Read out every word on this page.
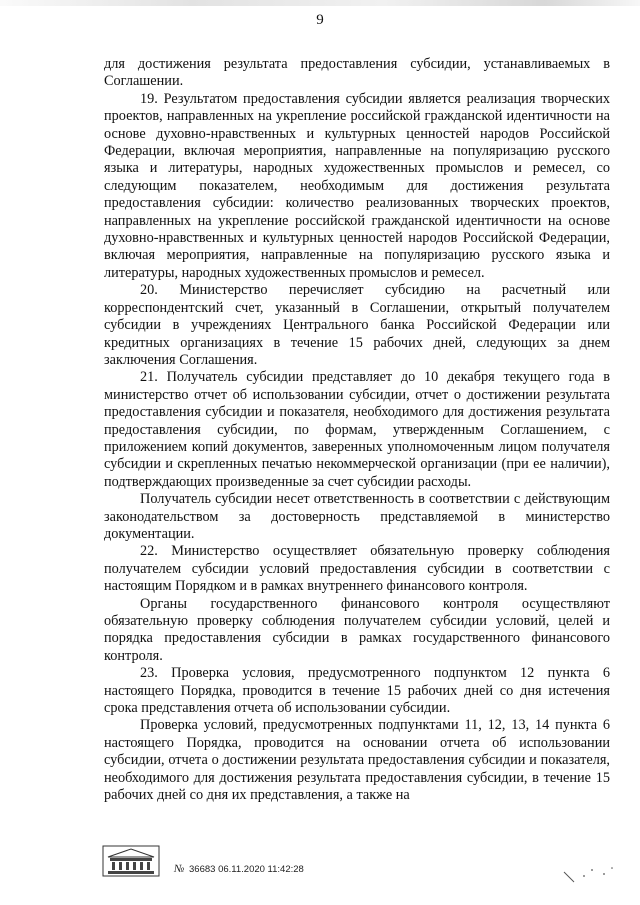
9

для достижения результата предоставления субсидии, устанавливаемых в Соглашении.

19. Результатом предоставления субсидии является реализация творческих проектов, направленных на укрепление российской гражданской идентичности на основе духовно-нравственных и культурных ценностей народов Российской Федерации, включая мероприятия, направленные на популяризацию русского языка и литературы, народных художественных промыслов и ремесел, со следующим показателем, необходимым для достижения результата предоставления субсидии: количество реализованных творческих проектов, направленных на укрепление российской гражданской идентичности на основе духовно-нравственных и культурных ценностей народов Российской Федерации, включая мероприятия, направленные на популяризацию русского языка и литературы, народных художественных промыслов и ремесел.

20. Министерство перечисляет субсидию на расчетный или корреспондентский счет, указанный в Соглашении, открытый получателем субсидии в учреждениях Центрального банка Российской Федерации или кредитных организациях в течение 15 рабочих дней, следующих за днем заключения Соглашения.

21. Получатель субсидии представляет до 10 декабря текущего года в министерство отчет об использовании субсидии, отчет о достижении результата предоставления субсидии и показателя, необходимого для достижения результата предоставления субсидии, по формам, утвержденным Соглашением, с приложением копий документов, заверенных уполномоченным лицом получателя субсидии и скрепленных печатью некоммерческой организации (при ее наличии), подтверждающих произведенные за счет субсидии расходы.

Получатель субсидии несет ответственность в соответствии с действующим законодательством за достоверность представляемой в министерство документации.

22. Министерство осуществляет обязательную проверку соблюдения получателем субсидии условий предоставления субсидии в соответствии с настоящим Порядком и в рамках внутреннего финансового контроля.

Органы государственного финансового контроля осуществляют обязательную проверку соблюдения получателем субсидии условий, целей и порядка предоставления субсидии в рамках государственного финансового контроля.

23. Проверка условия, предусмотренного подпунктом 12 пункта 6 настоящего Порядка, проводится в течение 15 рабочих дней со дня истечения срока представления отчета об использовании субсидии.

Проверка условий, предусмотренных подпунктами 11, 12, 13, 14 пункта 6 настоящего Порядка, проводится на основании отчета об использовании субсидии, отчета о достижении результата предоставления субсидии и показателя, необходимого для достижения результата предоставления субсидии, в течение 15 рабочих дней со дня их представления, а также на

№ 36683 06.11.2020 11:42:28
